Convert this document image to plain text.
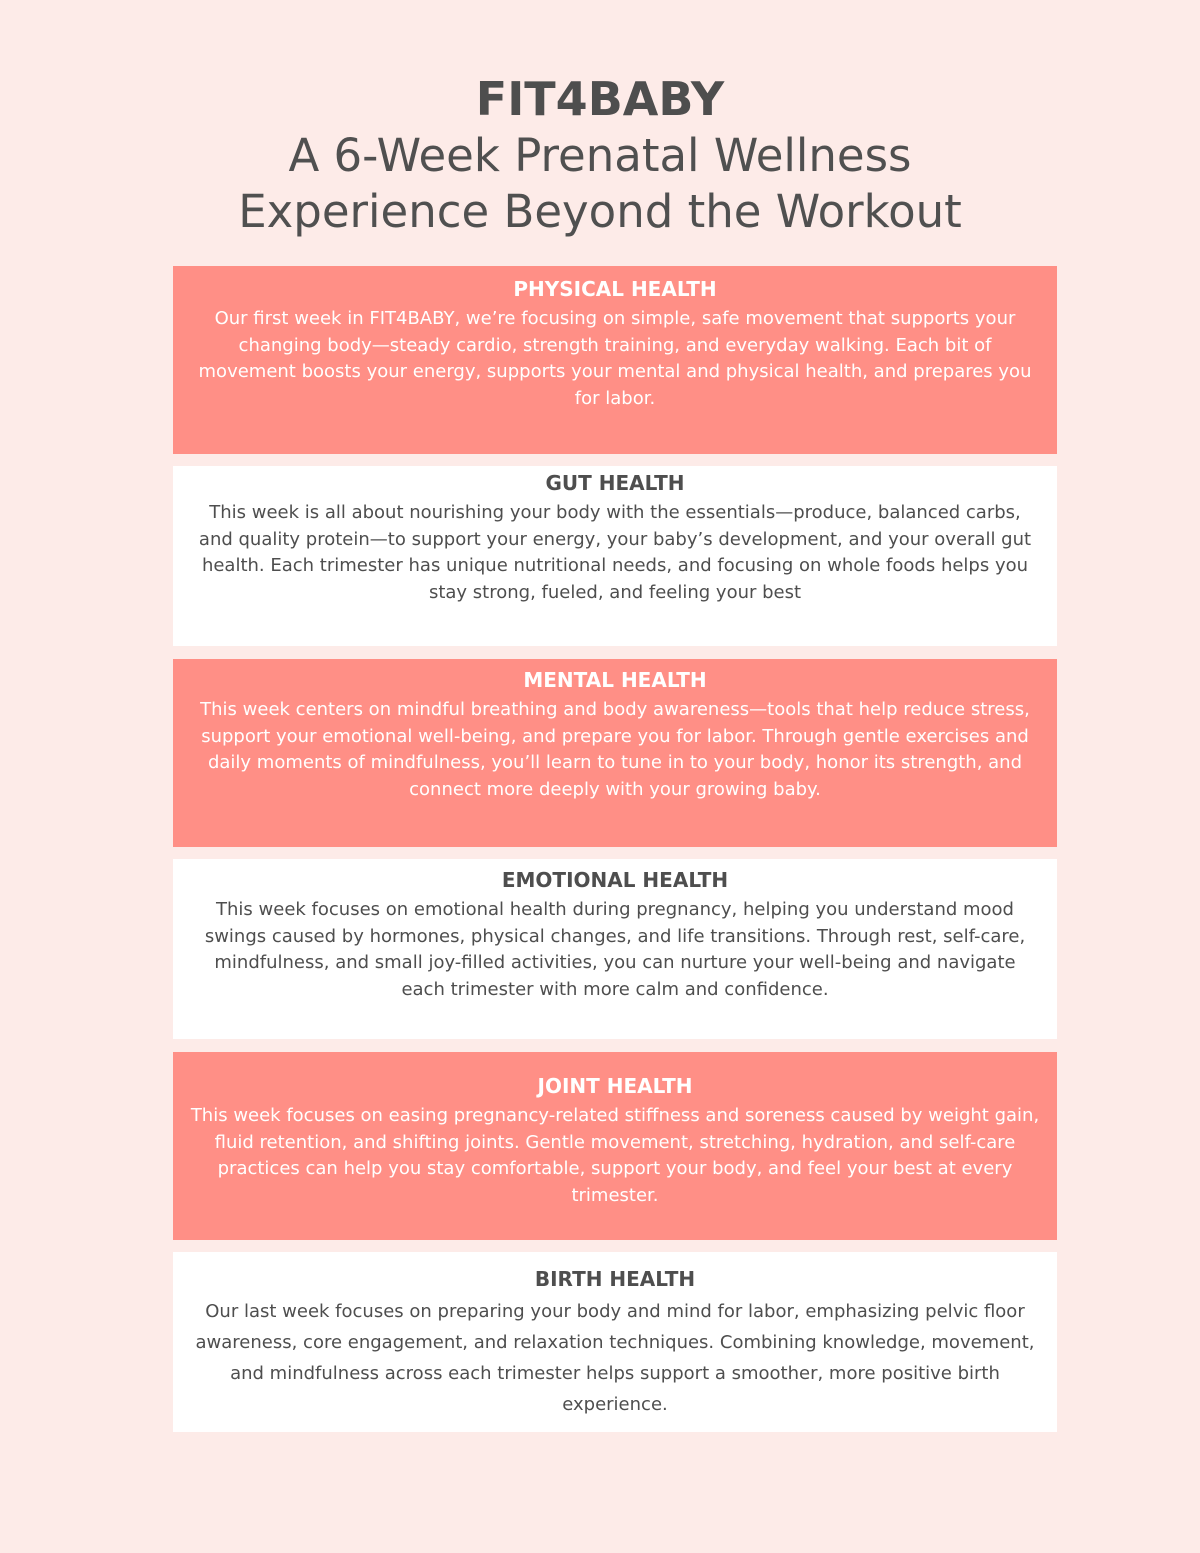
FIT4BABY
A 6-Week Prenatal Wellness
Experience Beyond the Workout
PHYSICAL HEALTH
Our first week in FIT4BABY, we’re focusing on simple, safe movement that supports your changing body—steady cardio, strength training, and everyday walking. Each bit of movement boosts your energy, supports your mental and physical health, and prepares you for labor.
GUT HEALTH
This week is all about nourishing your body with the essentials—produce, balanced carbs, and quality protein—to support your energy, your baby’s development, and your overall gut health. Each trimester has unique nutritional needs, and focusing on whole foods helps you stay strong, fueled, and feeling your best
MENTAL HEALTH
This week centers on mindful breathing and body awareness—tools that help reduce stress, support your emotional well-being, and prepare you for labor. Through gentle exercises and daily moments of mindfulness, you’ll learn to tune in to your body, honor its strength, and connect more deeply with your growing baby.
EMOTIONAL HEALTH
This week focuses on emotional health during pregnancy, helping you understand mood swings caused by hormones, physical changes, and life transitions. Through rest, self-care, mindfulness, and small joy-filled activities, you can nurture your well-being and navigate each trimester with more calm and confidence.
JOINT HEALTH
This week focuses on easing pregnancy-related stiffness and soreness caused by weight gain, fluid retention, and shifting joints. Gentle movement, stretching, hydration, and self-care practices can help you stay comfortable, support your body, and feel your best at every trimester.
BIRTH HEALTH
Our last week focuses on preparing your body and mind for labor, emphasizing pelvic floor awareness, core engagement, and relaxation techniques. Combining knowledge, movement, and mindfulness across each trimester helps support a smoother, more positive birth experience.
